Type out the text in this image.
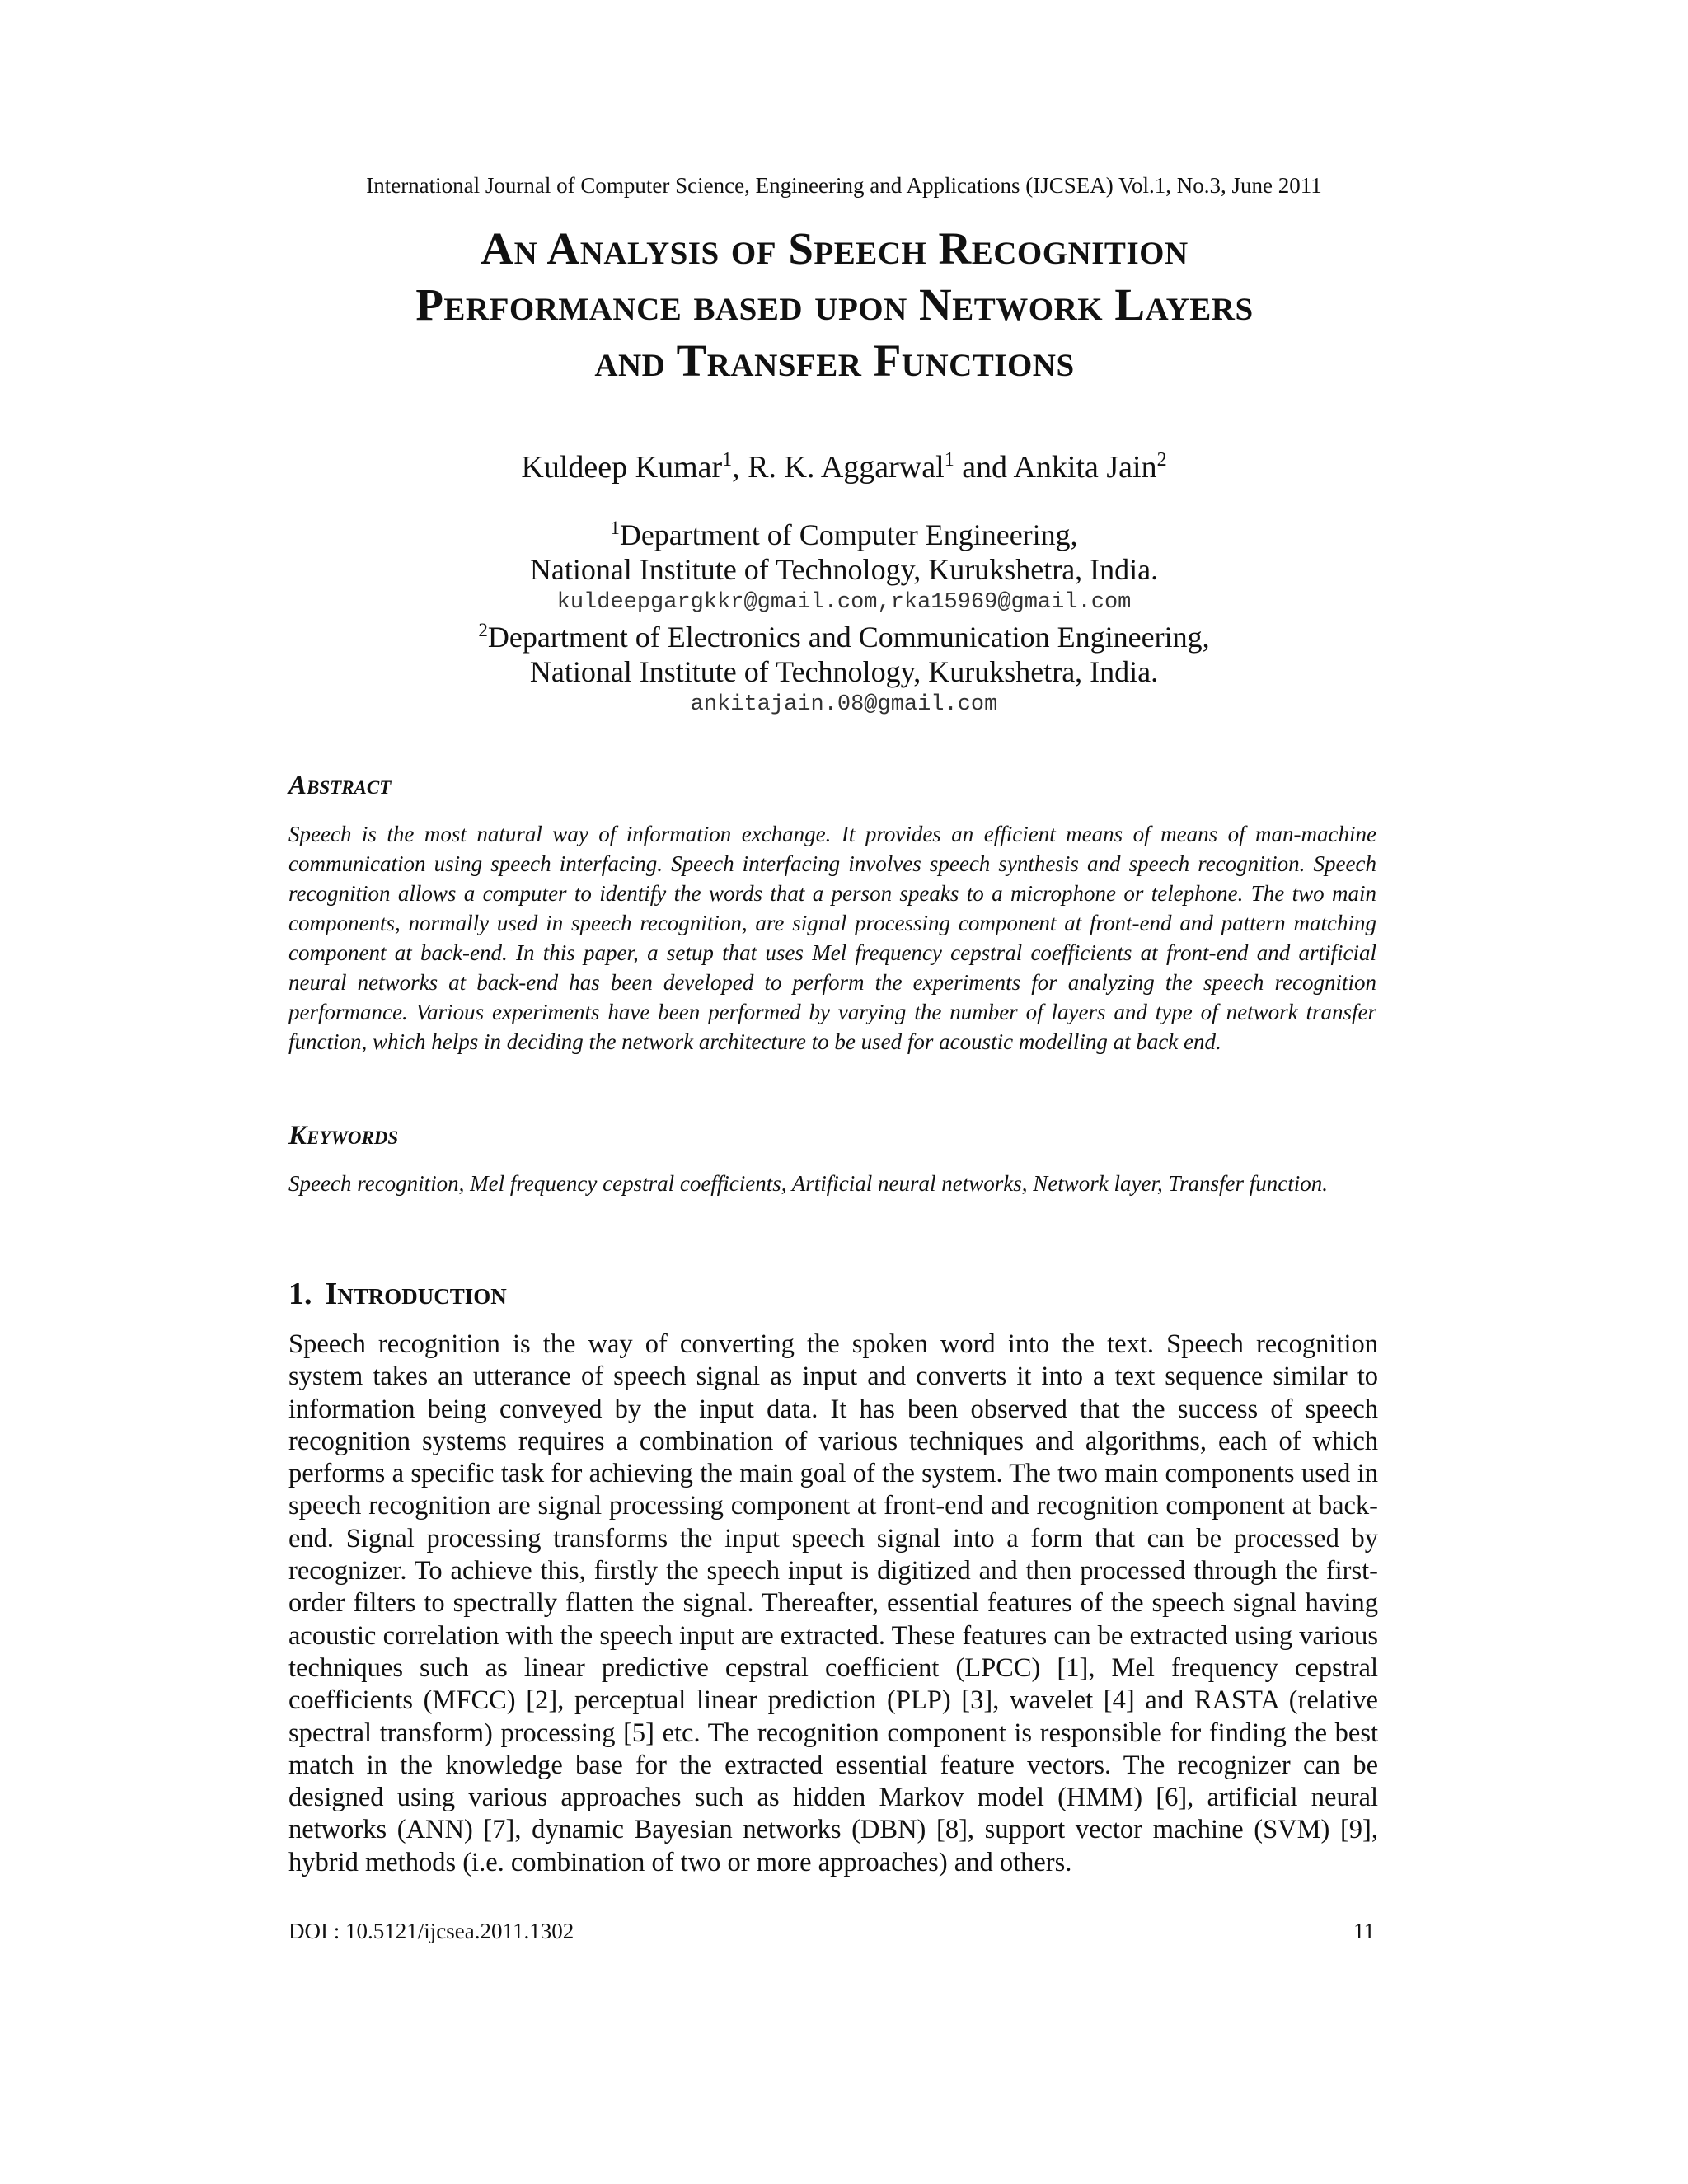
International Journal of Computer Science, Engineering and Applications (IJCSEA) Vol.1, No.3, June 2011
An Analysis of Speech Recognition
Performance based upon Network Layers
and Transfer Functions
Kuldeep Kumar$^1$, R. K. Aggarwal$^1$ and Ankita Jain$^2$
$^1$Department of Computer Engineering,
National Institute of Technology, Kurukshetra, India.
kuldeepgargkkr@gmail.com,rka15969@gmail.com
$^2$Department of Electronics and Communication Engineering,
National Institute of Technology, Kurukshetra, India.
ankitajain.08@gmail.com
Abstract
Speech is the most natural way of information exchange. It provides an efficient means of means of man-machine communication using speech interfacing. Speech interfacing involves speech synthesis and speech recognition. Speech recognition allows a computer to identify the words that a person speaks to a microphone or telephone. The two main components, normally used in speech recognition, are signal processing component at front-end and pattern matching component at back-end. In this paper, a setup that uses Mel frequency cepstral coefficients at front-end and artificial neural networks at back-end has been developed to perform the experiments for analyzing the speech recognition performance. Various experiments have been performed by varying the number of layers and type of network transfer function, which helps in deciding the network architecture to be used for acoustic modelling at back end.
Keywords
Speech recognition, Mel frequency cepstral coefficients, Artificial neural networks, Network layer, Transfer function.
1. Introduction
Speech recognition is the way of converting the spoken word into the text. Speech recognition system takes an utterance of speech signal as input and converts it into a text sequence similar to information being conveyed by the input data. It has been observed that the success of speech recognition systems requires a combination of various techniques and algorithms, each of which performs a specific task for achieving the main goal of the system. The two main components used in speech recognition are signal processing component at front-end and recognition component at back-end. Signal processing transforms the input speech signal into a form that can be processed by recognizer. To achieve this, firstly the speech input is digitized and then processed through the first-order filters to spectrally flatten the signal. Thereafter, essential features of the speech signal having acoustic correlation with the speech input are extracted. These features can be extracted using various techniques such as linear predictive cepstral coefficient (LPCC) [1], Mel frequency cepstral coefficients (MFCC) [2], perceptual linear prediction (PLP) [3], wavelet [4] and RASTA (relative spectral transform) processing [5] etc. The recognition component is responsible for finding the best match in the knowledge base for the extracted essential feature vectors. The recognizer can be designed using various approaches such as hidden Markov model (HMM) [6], artificial neural networks (ANN) [7], dynamic Bayesian networks (DBN) [8], support vector machine (SVM) [9], hybrid methods (i.e. combination of two or more approaches) and others.
DOI : 10.5121/ijcsea.2011.1302	11
